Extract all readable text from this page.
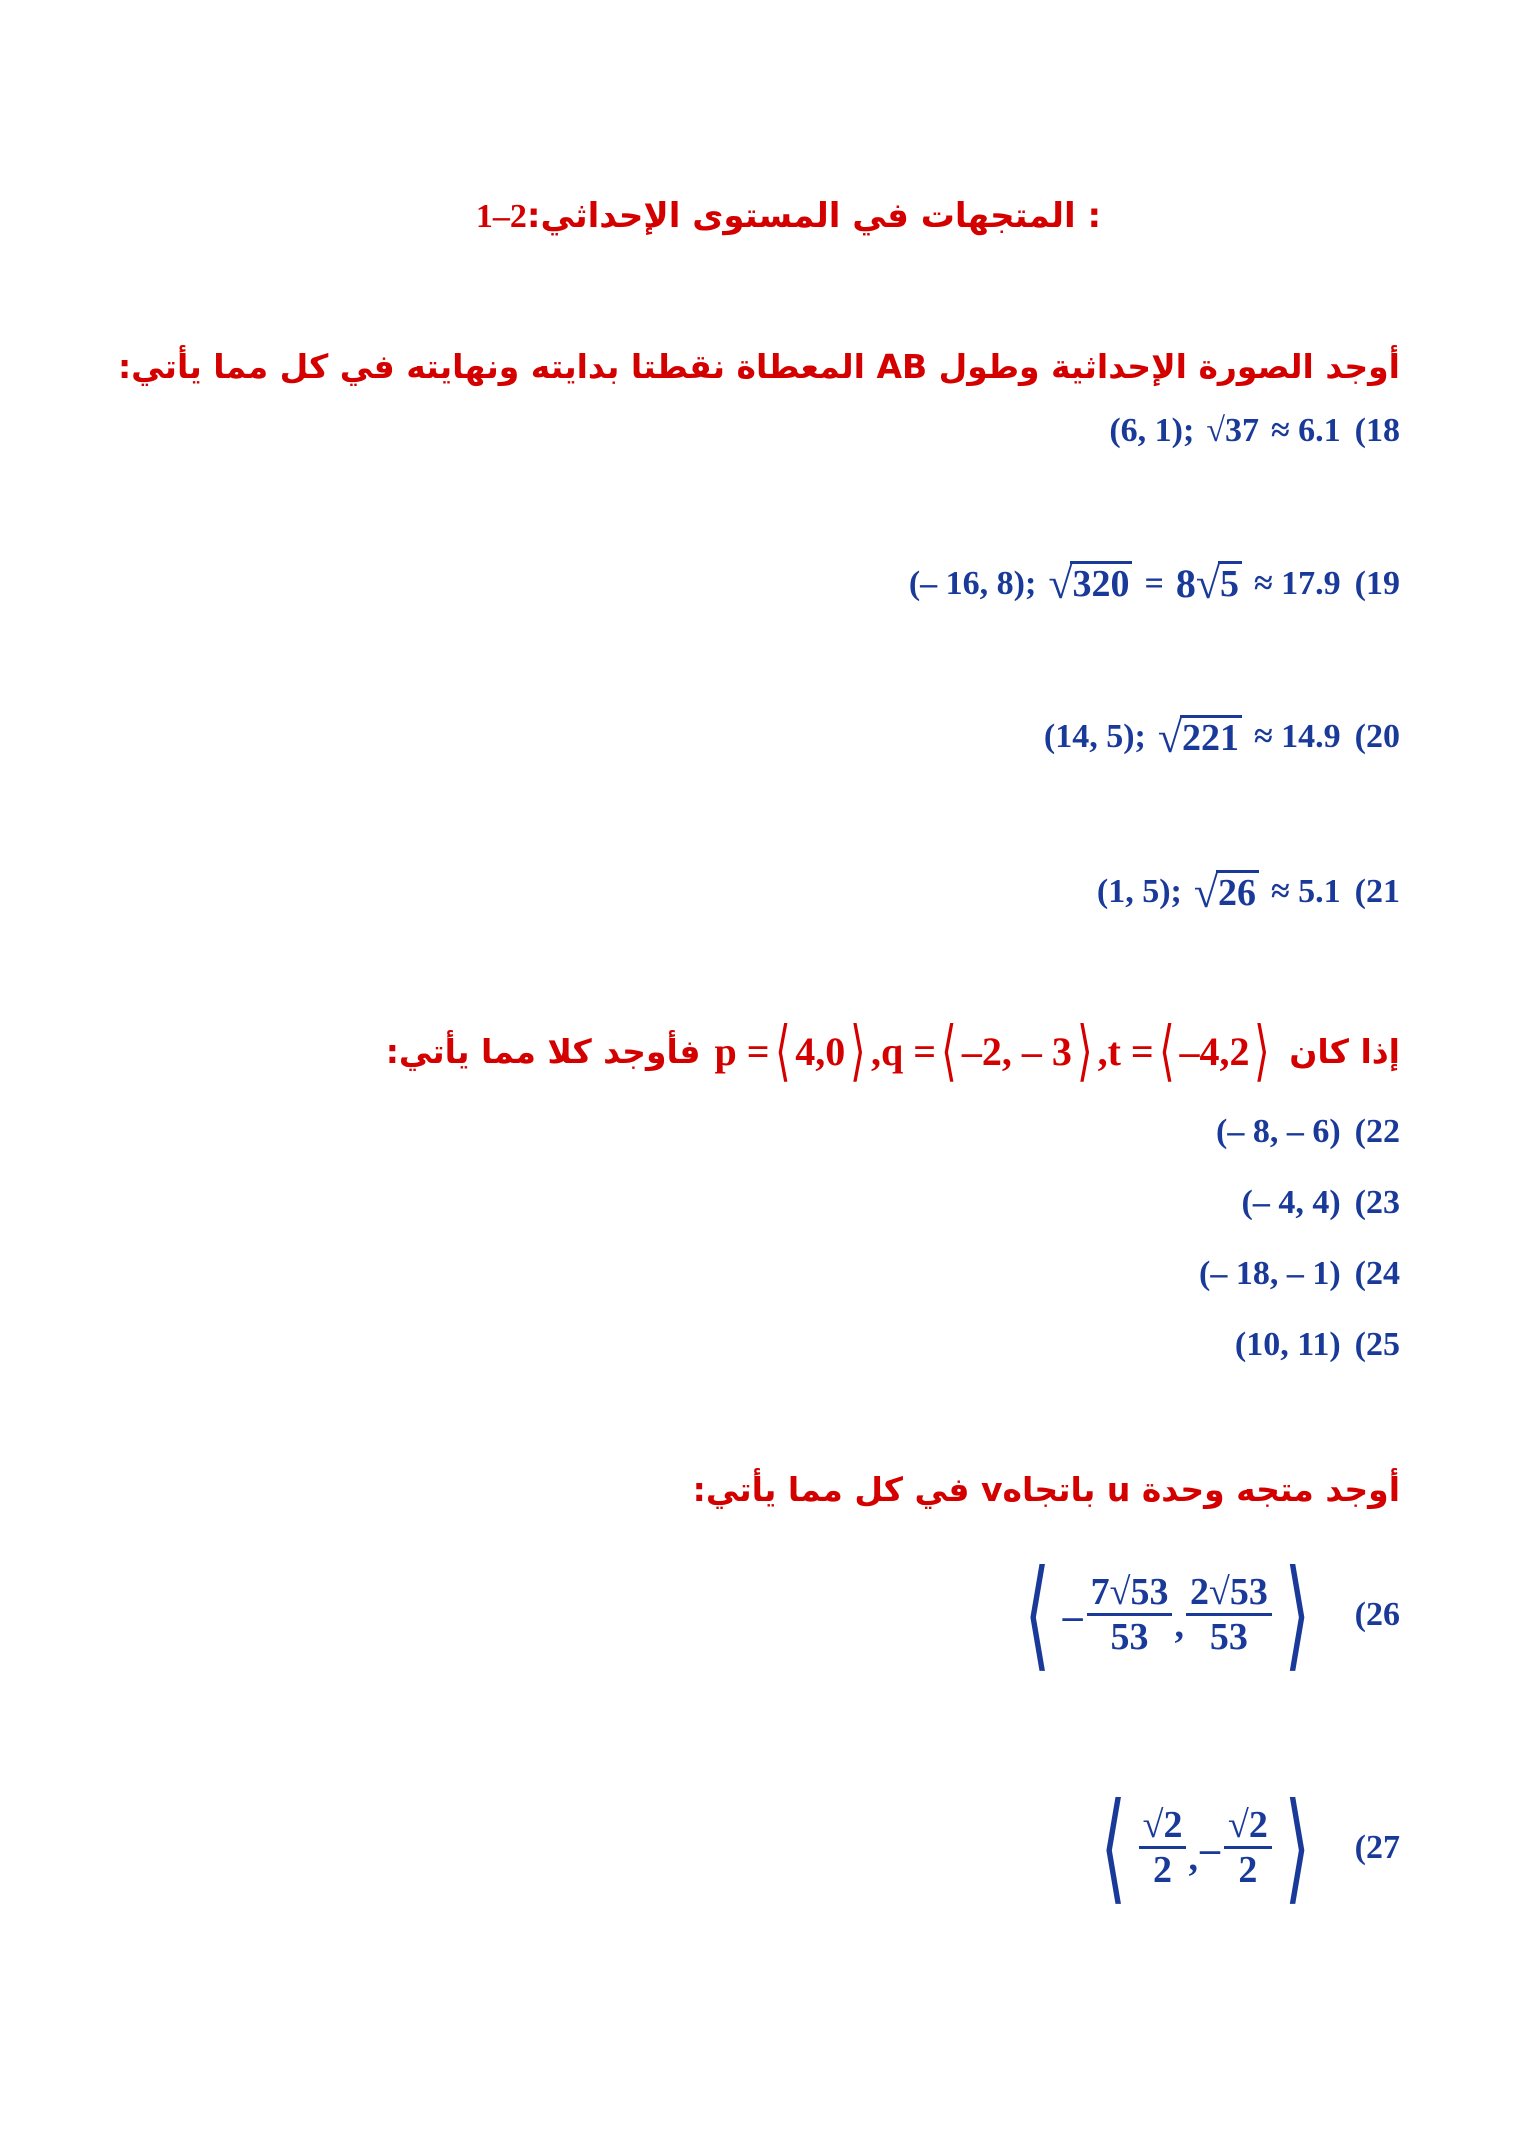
: المتجهات في المستوى الإحداثي:2–1
أوجد الصورة الإحداثية وطول AB المعطاة نقطتا بدايته ونهايته في كل مما يأتي:
(6, 1); √ 37 ≈ 6.1 (18
(– 16, 8); √ 320 = 8 √ 5 ≈ 17.9 (19
(14, 5); √ 221 ≈ 14.9 (20
(1, 5); √ 26 ≈ 5.1 (21
فأوجد كلا مما يأتي: p = ⟨ 4,0 ⟩ ,q = ⟨ –2, – 3 ⟩ ,t = ⟨ –4,2 ⟩ إذا كان
(– 8, – 6) (22
(– 4, 4) (23
(– 18, – 1) (24
(10, 11) (25
أوجد متجه وحدة u باتجاهv في كل مما يأتي:
⟨ – $\frac{7 √ 53}{53}$ , $\frac{2 √ 53}{53}$ ⟩ (26
⟨ $\frac{√ 2}{2}$ , – $\frac{√ 2}{2}$ ⟩ (27
